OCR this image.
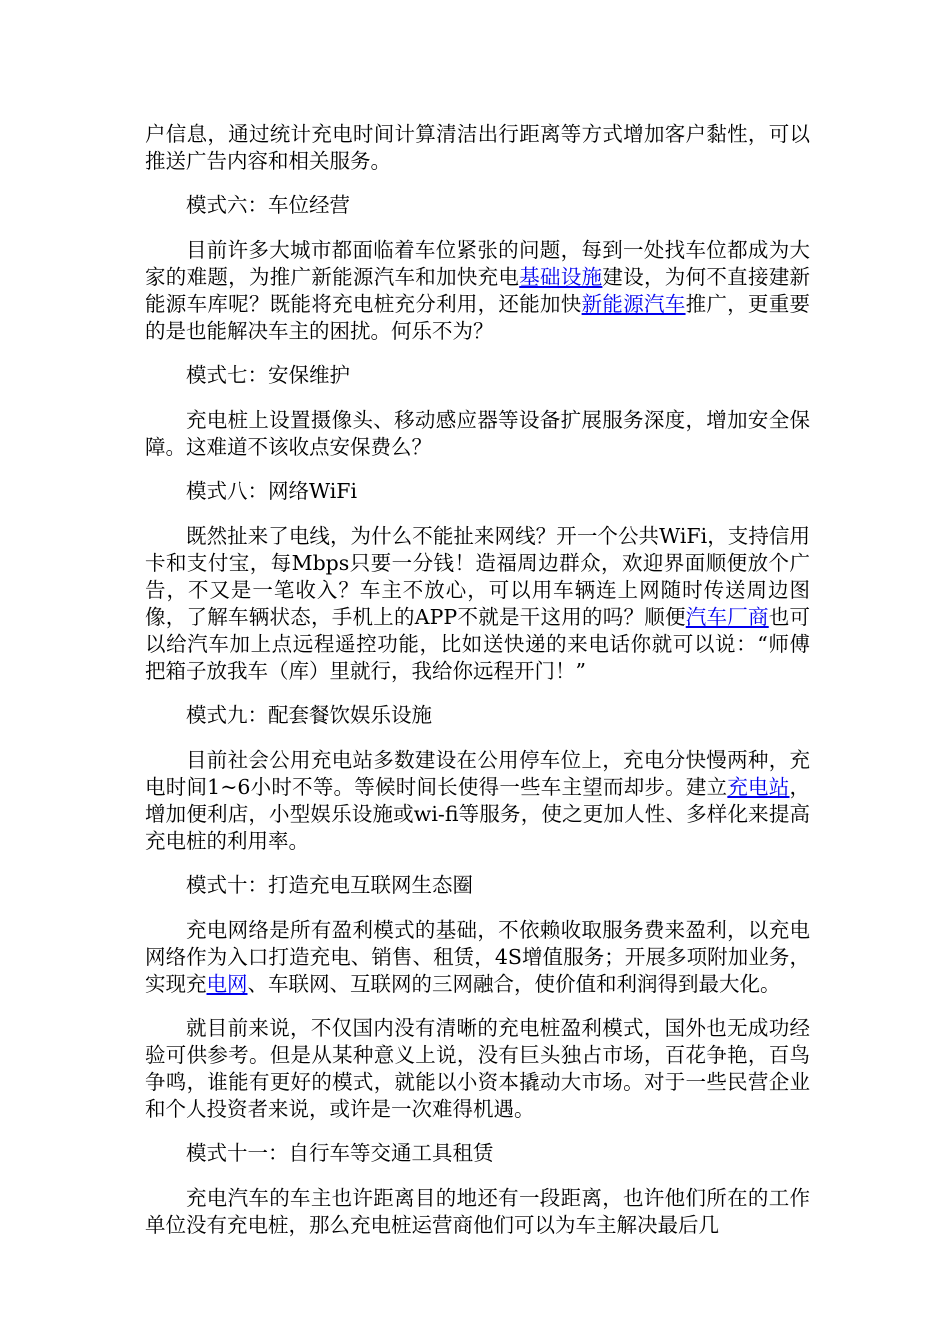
户信息，通过统计充电时间计算清洁出行距离等方式增加客户黏性，可以推送广告内容和相关服务。

模式六：车位经营

目前许多大城市都面临着车位紧张的问题，每到一处找车位都成为大家的难题，为推广新能源汽车和加快充电基础设施建设，为何不直接建新能源车库呢？既能将充电桩充分利用，还能加快新能源汽车推广，更重要的是也能解决车主的困扰。何乐不为？

模式七：安保维护

充电桩上设置摄像头、移动感应器等设备扩展服务深度，增加安全保障。这难道不该收点安保费么？

模式八：网络WiFi

既然扯来了电线，为什么不能扯来网线？开一个公共WiFi，支持信用卡和支付宝，每Mbps只要一分钱！造福周边群众，欢迎界面顺便放个广告，不又是一笔收入？车主不放心，可以用车辆连上网随时传送周边图像，了解车辆状态，手机上的APP不就是干这用的吗？顺便汽车厂商也可以给汽车加上点远程遥控功能，比如送快递的来电话你就可以说：“师傅把箱子放我车（库）里就行，我给你远程开门！”

模式九：配套餐饮娱乐设施

目前社会公用充电站多数建设在公用停车位上，充电分快慢两种，充电时间1~6小时不等。等候时间长使得一些车主望而却步。建立充电站，增加便利店，小型娱乐设施或wi-fi等服务，使之更加人性、多样化来提高充电桩的利用率。

模式十：打造充电互联网生态圈

充电网络是所有盈利模式的基础，不依赖收取服务费来盈利，以充电网络作为入口打造充电、销售、租赁，4S增值服务；开展多项附加业务，实现充电网、车联网、互联网的三网融合，使价值和利润得到最大化。

就目前来说，不仅国内没有清晰的充电桩盈利模式，国外也无成功经验可供参考。但是从某种意义上说，没有巨头独占市场，百花争艳，百鸟争鸣，谁能有更好的模式，就能以小资本撬动大市场。对于一些民营企业和个人投资者来说，或许是一次难得机遇。

模式十一：自行车等交通工具租赁

充电汽车的车主也许距离目的地还有一段距离，也许他们所在的工作单位没有充电桩，那么充电桩运营商他们可以为车主解决最后几
